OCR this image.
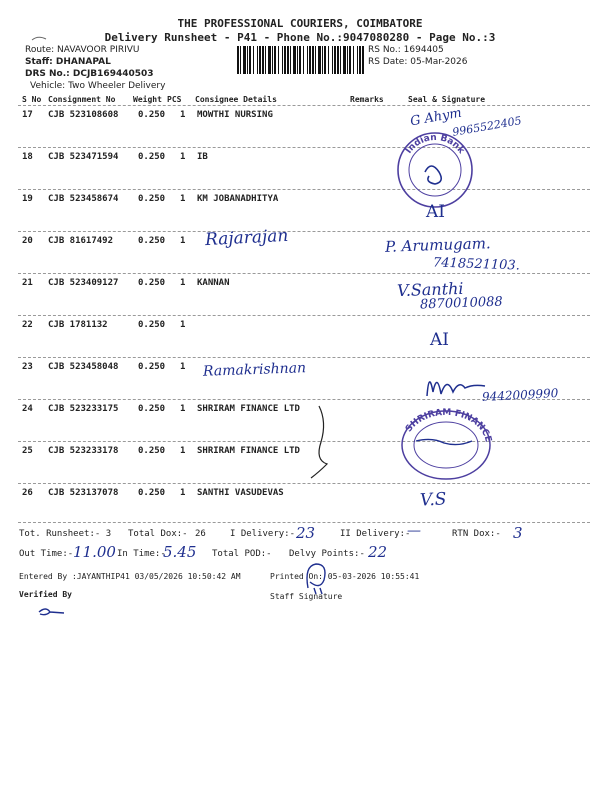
THE PROFESSIONAL COURIERS, COIMBATORE
Delivery Runsheet - P41 - Phone No.:9047080280 - Page No.:3
Route: NAVAVOOR PIRIVU
Staff: DHANAPAL
DRS No.: DCJB169440503
Vehicle: Two Wheeler Delivery
RS No.: 1694405
RS Date: 05-Mar-2026
S No Consignment No Weight PCS Consignee Details	Remarks	Seal & Signature
17 CJB 523108608 0.250 1 MOWTHI NURSING
18 CJB 523471594 0.250 1 IB
19 CJB 523458674 0.250 1 KM JOBANADHITYA
20 CJB 81617492	0.250 1
21 CJB 523409127 0.250 1 KANNAN
22 CJB 1781132	0.250 1
23 CJB 523458048 0.250 1
24 CJB 523233175 0.250 1 SHRIRAM FINANCE LTD
25 CJB 523233178 0.250 1 SHRIRAM FINANCE LTD
26 CJB 523137078 0.250 1 SANTHI VASUDEVAS
G Ahym
9965522405
Indian Bank
AI
Rajarajan	P. Arumugam.
7418521103.
V.Santhi
8870010088
AI
Ramakrishnan
9442009990
SHRIRAM FINANCE
V.S
Tot. Runsheet:- 3 Total Dox:- 26	I Delivery:- 23	II Delivery:-
—	RTN Dox:- 3
Out Time:- 11.00 In Time:-
5.45 Total POD:- Delvy Points:- 22
Entered By :JAYANTHIP41 03/05/2026 10:50:42 AM	Printed On: 05-03-2026 10:55:41
Verified By	Staff Signature
